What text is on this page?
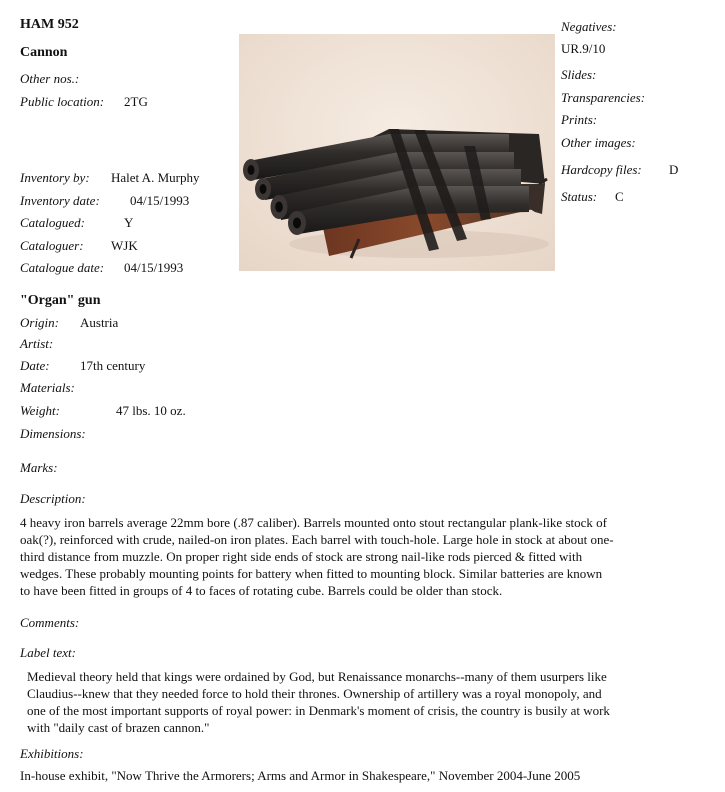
HAM 952
Cannon
Other nos.:
Public location: 2TG
Inventory by: Halet A. Murphy
Inventory date: 04/15/1993
Catalogued:	Y
Cataloguer: WJK
Catalogue date: 04/15/1993
Negatives:
UR.9/10
Slides:
Transparencies:
Prints:
Other images:
Hardcopy files: D
Status: C
"Organ" gun
Origin: Austria
Artist:
Date: 17th century
Materials:
Weight:	47 lbs. 10 oz.
Dimensions:
Marks:
Description:
4 heavy iron barrels average 22mm bore (.87 caliber). Barrels mounted onto stout rectangular plank-like stock of
oak(?), reinforced with crude, nailed-on iron plates. Each barrel with touch-hole. Large hole in stock at about one-
third distance from muzzle. On proper right side ends of stock are strong nail-like rods pierced & fitted with
wedges. These probably mounting points for battery when fitted to mounting block. Similar batteries are known
to have been fitted in groups of 4 to faces of rotating cube. Barrels could be older than stock.
Comments:
Label text:
Medieval theory held that kings were ordained by God, but Renaissance monarchs--many of them usurpers like
Claudius--knew that they needed force to hold their thrones. Ownership of artillery was a royal monopoly, and
one of the most important supports of royal power: in Denmark's moment of crisis, the country is busily at work
with "daily cast of brazen cannon."
Exhibitions:
In-house exhibit, "Now Thrive the Armorers; Arms and Armor in Shakespeare," November 2004-June 2005
